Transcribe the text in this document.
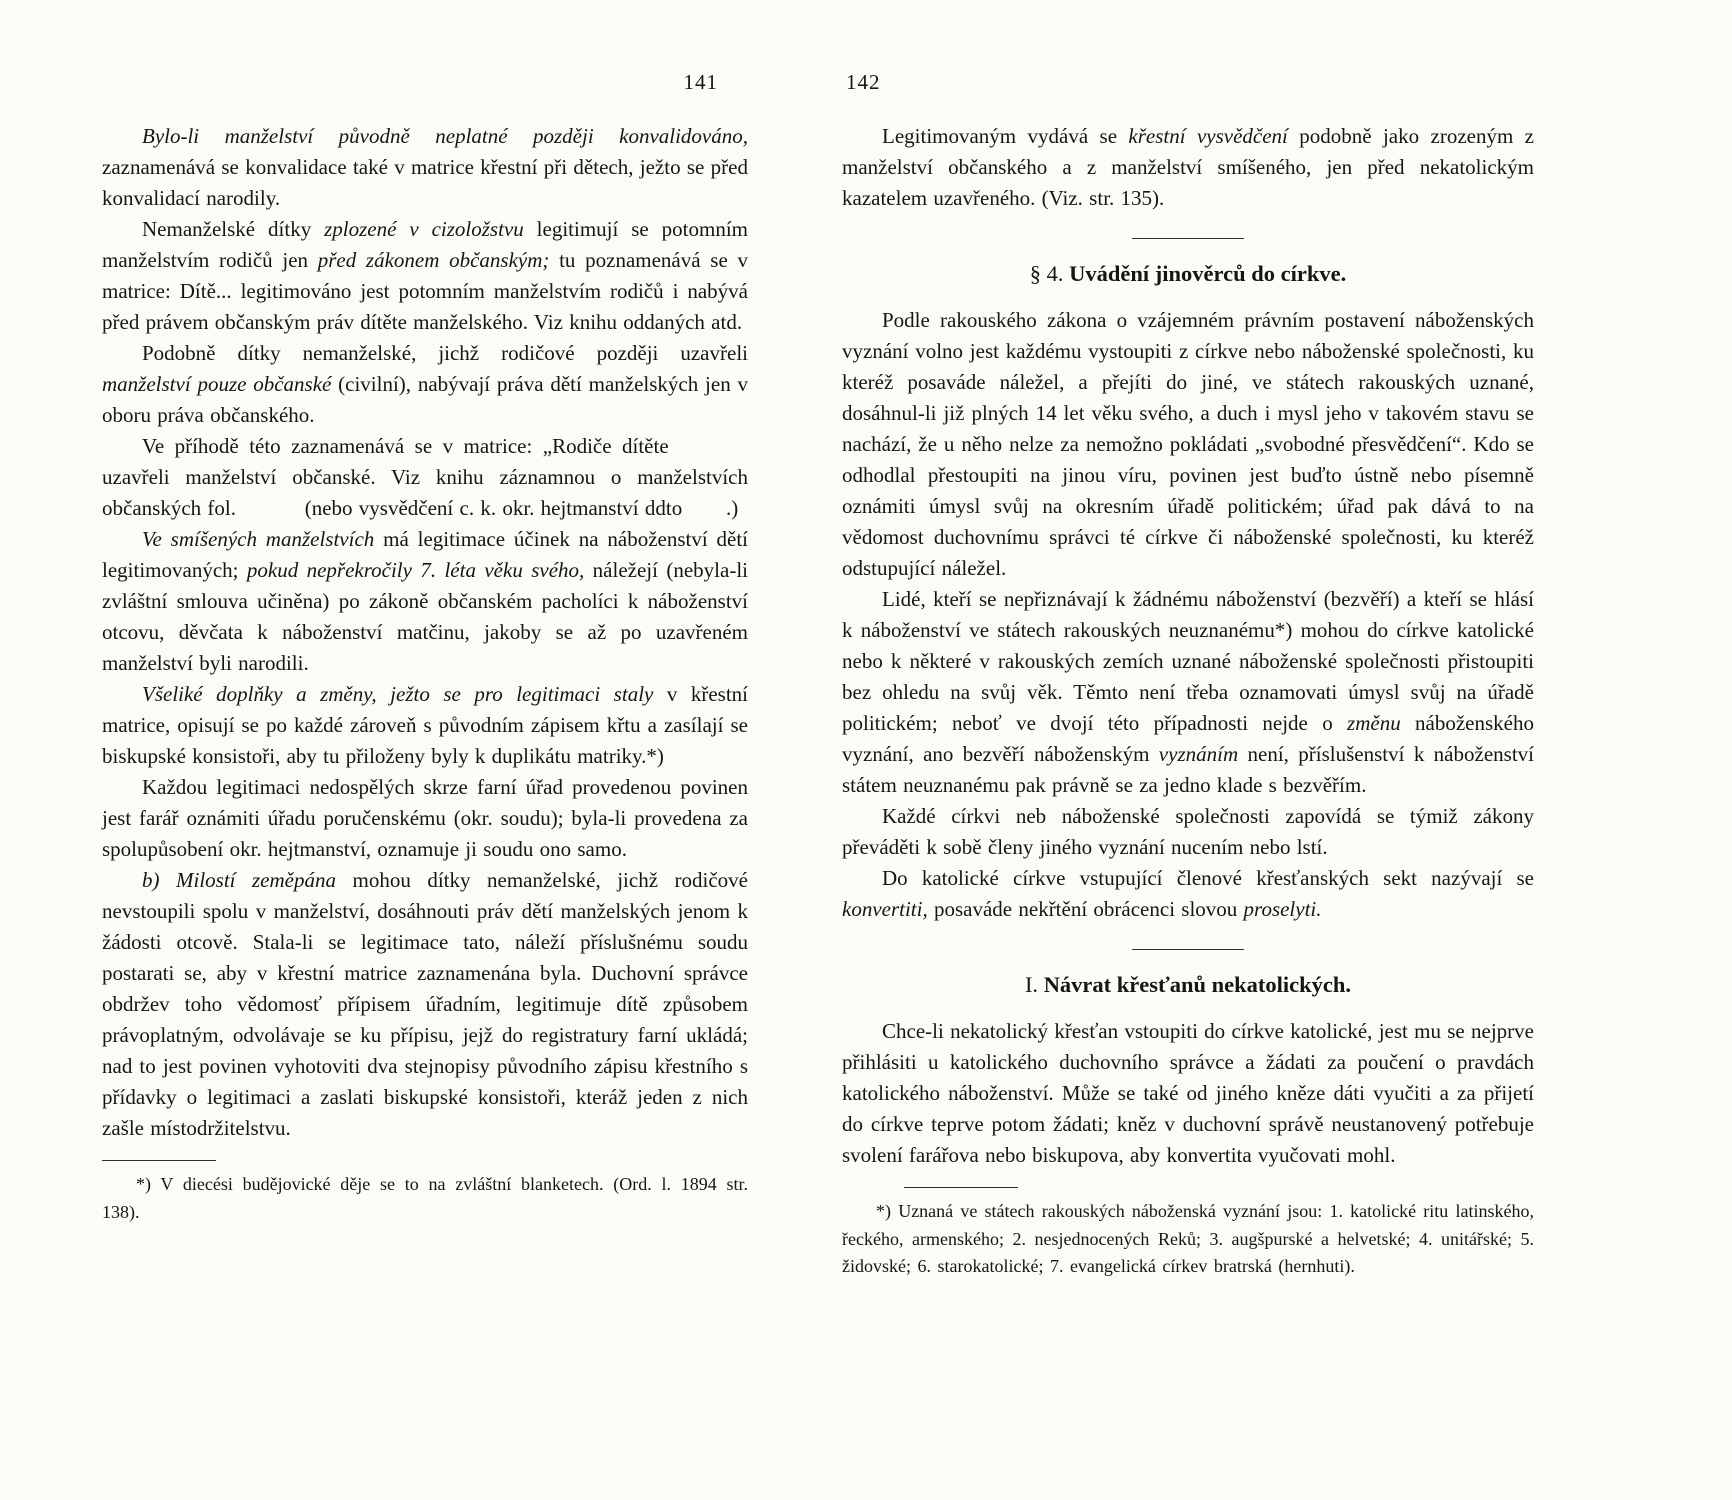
141

Bylo-li manželství původně neplatné později konvalidováno, zaznamenává se konvalidace také v matrice křestní při dětech, ježto se před konvalidací narodily.

Nemanželské dítky zplozené v cizoložstvu legitimují se potomním manželstvím rodičů jen před zákonem občanským; tu poznamenává se v matrice: Dítě... legitimováno jest potomním manželstvím rodičů i nabývá před právem občanským práv dítěte manželského. Viz knihu oddaných atd.

Podobně dítky nemanželské, jichž rodičové později uzavřeli manželství pouze občanské (civilní), nabývají práva dětí manželských jen v oboru práva občanského.

Ve příhodě této zaznamenává se v matrice: „Rodiče dítěte         uzavřeli manželství občanské. Viz knihu záznamnou o manželstvích občanských fol.           (nebo vysvědčení c. k. okr. hejtmanství ddto       .)

Ve smíšených manželstvích má legitimace účinek na náboženství dětí legitimovaných; pokud nepřekročily 7. léta věku svého, náležejí (nebyla-li zvláštní smlouva učiněna) po zákoně občanském pacholíci k náboženství otcovu, děvčata k náboženství matčinu, jakoby se až po uzavřeném manželství byli narodili.

Všeliké doplňky a změny, ježto se pro legitimaci staly v křestní matrice, opisují se po každé zároveň s původním zápisem křtu a zasílají se biskupské konsistoři, aby tu přiloženy byly k duplikátu matriky.*)

Každou legitimaci nedospělých skrze farní úřad provedenou povinen jest farář oznámiti úřadu poručenskému (okr. soudu); byla-li provedena za spolupůsobení okr. hejtmanství, oznamuje ji soudu ono samo.

b) Milostí zeměpána mohou dítky nemanželské, jichž rodičové nevstoupili spolu v manželství, dosáhnouti práv dětí manželských jenom k žádosti otcově. Stala-li se legitimace tato, náleží příslušnému soudu postarati se, aby v křestní matrice zaznamenána byla. Duchovní správce obdržev toho vědomosť přípisem úřadním, legitimuje dítě způsobem právoplatným, odvolávaje se ku přípisu, jejž do registratury farní ukládá; nad to jest povinen vyhotoviti dva stejnopisy původního zápisu křestního s přídavky o legitimaci a zaslati biskupské konsistoři, kteráž jeden z nich zašle místodržitelstvu.

*) V diecési budějovické děje se to na zvláštní blanketech. (Ord. l. 1894 str. 138).

142

Legitimovaným vydává se křestní vysvědčení podobně jako zrozeným z manželství občanského a z manželství smíšeného, jen před nekatolickým kazatelem uzavřeného. (Viz. str. 135).

§ 4. Uvádění jinověrců do církve.

Podle rakouského zákona o vzájemném právním postavení náboženských vyznání volno jest každému vystoupiti z církve nebo náboženské společnosti, ku kteréž posaváde náležel, a přejíti do jiné, ve státech rakouských uznané, dosáhnul-li již plných 14 let věku svého, a duch i mysl jeho v takovém stavu se nachází, že u něho nelze za nemožno pokládati „svobodné přesvědčení“. Kdo se odhodlal přestoupiti na jinou víru, povinen jest buďto ústně nebo písemně oznámiti úmysl svůj na okresním úřadě politickém; úřad pak dává to na vědomost duchovnímu správci té církve či náboženské společnosti, ku kteréž odstupující náležel.

Lidé, kteří se nepřiznávají k žádnému náboženství (bezvěří) a kteří se hlásí k náboženství ve státech rakouských neuznanému*) mohou do církve katolické nebo k některé v rakouských zemích uznané náboženské společnosti přistoupiti bez ohledu na svůj věk. Těmto není třeba oznamovati úmysl svůj na úřadě politickém; neboť ve dvojí této případnosti nejde o změnu náboženského vyznání, ano bezvěří náboženským vyznáním není, příslušenství k náboženství státem neuznanému pak právně se za jedno klade s bezvěřím.

Každé církvi neb náboženské společnosti zapovídá se týmiž zákony převáděti k sobě členy jiného vyznání nucením nebo lstí.

Do katolické církve vstupující členové křesťanských sekt nazývají se konvertiti, posaváde nekřtění obrácenci slovou proselyti.

I. Návrat křesťanů nekatolických.

Chce-li nekatolický křesťan vstoupiti do církve katolické, jest mu se nejprve přihlásiti u katolického duchovního správce a žádati za poučení o pravdách katolického náboženství. Může se také od jiného kněze dáti vyučiti a za přijetí do církve teprve potom žádati; kněz v duchovní správě neustanovený potřebuje svolení farářova nebo biskupova, aby konvertita vyučovati mohl.

*) Uznaná ve státech rakouských náboženská vyznání jsou: 1. katolické ritu latinského, řeckého, armenského; 2. nesjednocených Reků; 3. augšpurské a helvetské; 4. unitářské; 5. židovské; 6. starokatolické; 7. evangelická církev bratrská (hernhuti).
